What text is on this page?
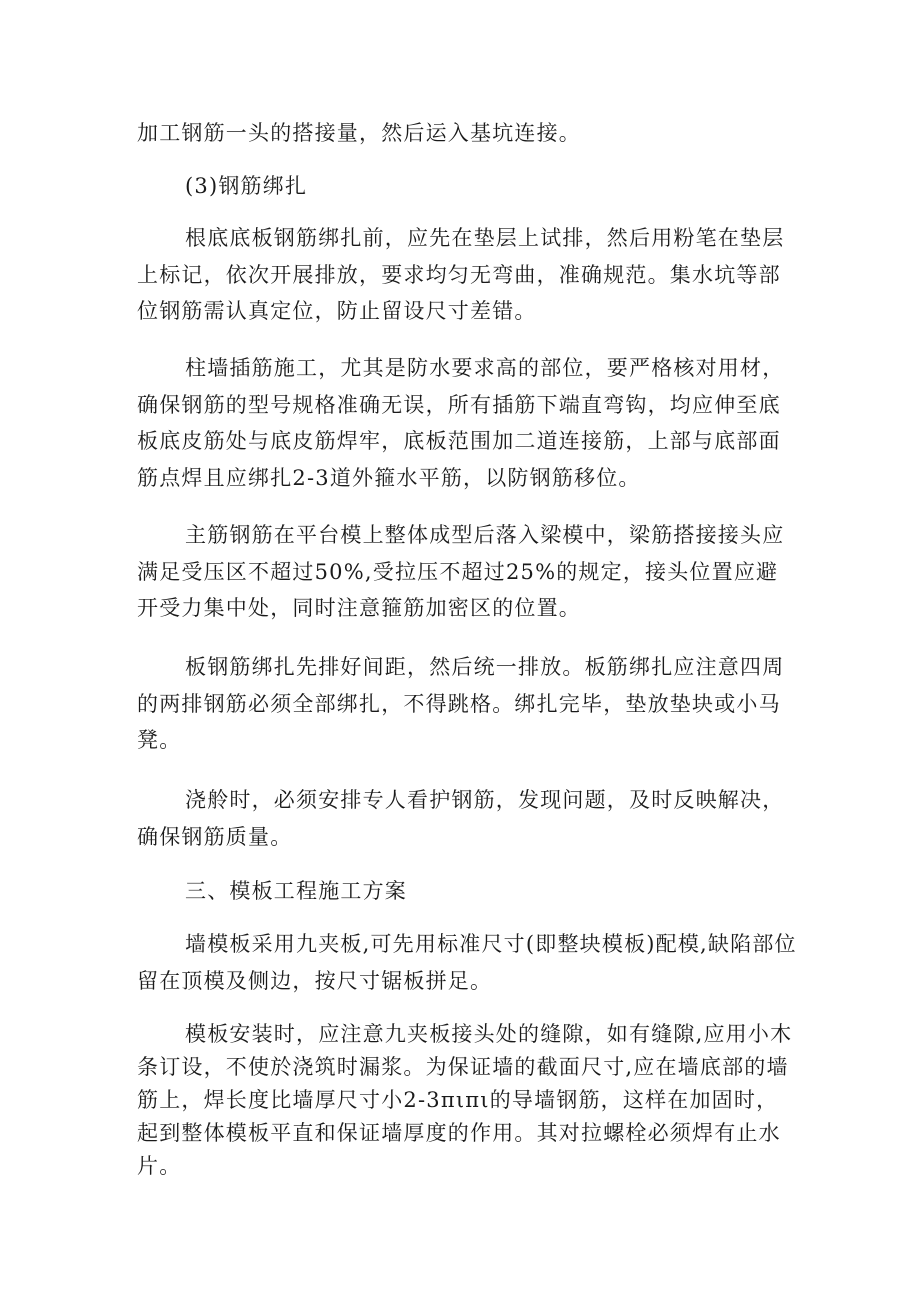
加工钢筋一头的搭接量，然后运入基坑连接。

(3)钢筋绑扎

根底底板钢筋绑扎前，应先在垫层上试排，然后用粉笔在垫层上标记，依次开展排放，要求均匀无弯曲，准确规范。集水坑等部位钢筋需认真定位，防止留设尺寸差错。

柱墙插筋施工，尤其是防水要求高的部位，要严格核对用材，确保钢筋的型号规格准确无误，所有插筋下端直弯钩，均应伸至底板底皮筋处与底皮筋焊牢，底板范围加二道连接筋，上部与底部面筋点焊且应绑扎2-3道外箍水平筋，以防钢筋移位。

主筋钢筋在平台模上整体成型后落入梁模中，梁筋搭接接头应满足受压区不超过50%,受拉压不超过25%的规定，接头位置应避开受力集中处，同时注意箍筋加密区的位置。

板钢筋绑扎先排好间距，然后统一排放。板筋绑扎应注意四周的两排钢筋必须全部绑扎，不得跳格。绑扎完毕，垫放垫块或小马凳。

浇舲时，必须安排专人看护钢筋，发现问题，及时反映解决，确保钢筋质量。

三、模板工程施工方案

墙模板采用九夹板,可先用标准尺寸(即整块模板)配模,缺陷部位留在顶模及侧边，按尺寸锯板拼足。

模板安装时，应注意九夹板接头处的缝隙，如有缝隙,应用小木条订设，不使於浇筑时漏浆。为保证墙的截面尺寸,应在墙底部的墙筋上，焊长度比墙厚尺寸小2-3πιπι的导墙钢筋，这样在加固时，起到整体模板平直和保证墙厚度的作用。其对拉螺栓必须焊有止水片。
